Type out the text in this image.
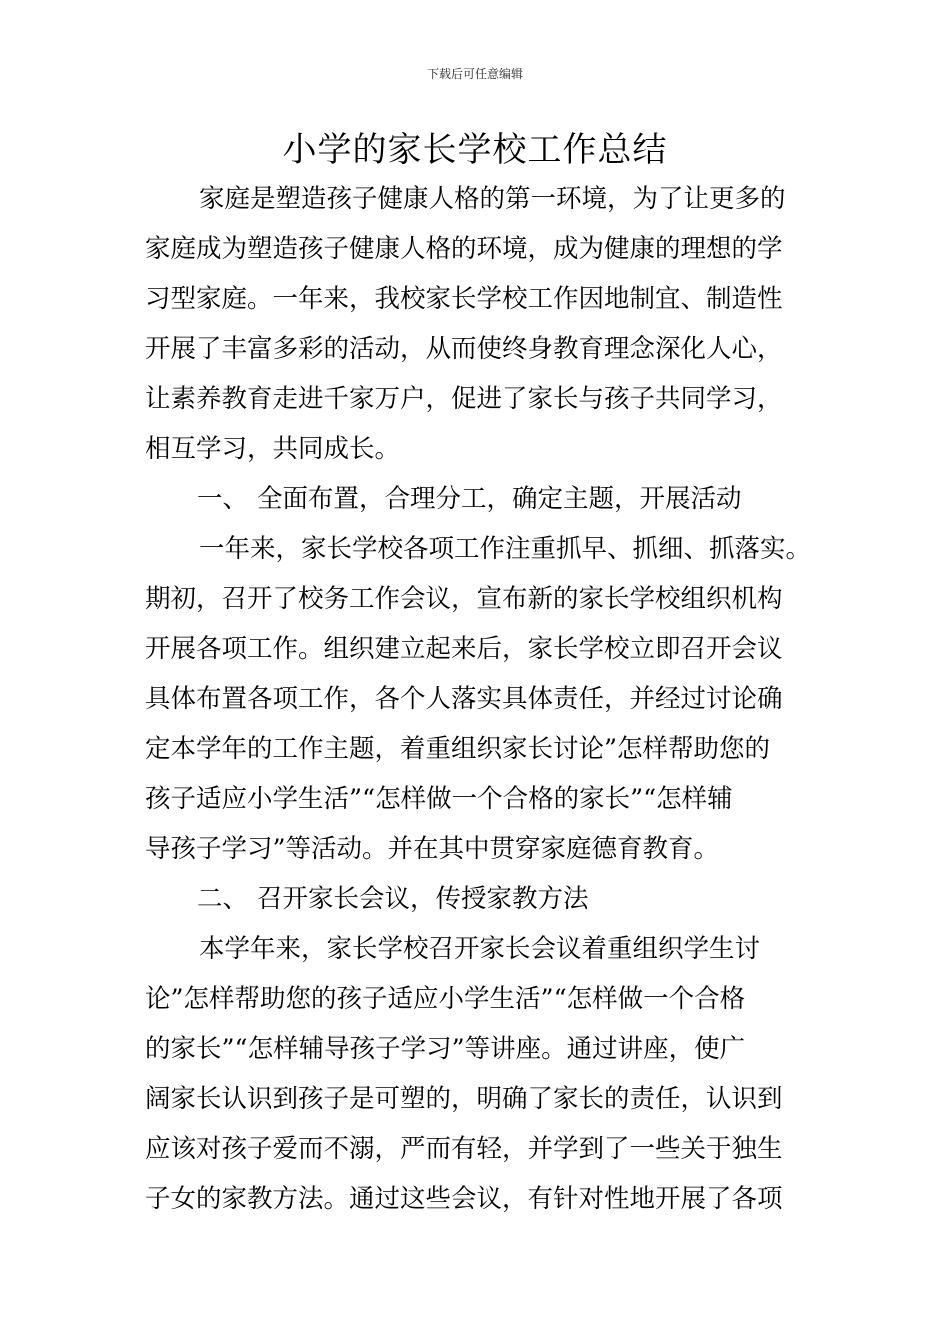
下载后可任意编辑
小学的家长学校工作总结
家庭是塑造孩子健康人格的第一环境，为了让更多的
家庭成为塑造孩子健康人格的环境，成为健康的理想的学
习型家庭。一年来，我校家长学校工作因地制宜、制造性
开展了丰富多彩的活动，从而使终身教育理念深化人心，
让素养教育走进千家万户，促进了家长与孩子共同学习，
相互学习，共同成长。
一、 全面布置，合理分工，确定主题，开展活动
一年来，家长学校各项工作注重抓早、抓细、抓落实。
期初，召开了校务工作会议，宣布新的家长学校组织机构
开展各项工作。组织建立起来后，家长学校立即召开会议
具体布置各项工作，各个人落实具体责任，并经过讨论确
定本学年的工作主题，着重组织家长讨论”怎样帮助您的
孩子适应小学生活”“怎样做一个合格的家长”“怎样辅
导孩子学习”等活动。并在其中贯穿家庭德育教育。
二、 召开家长会议，传授家教方法
本学年来，家长学校召开家长会议着重组织学生讨
论”怎样帮助您的孩子适应小学生活”“怎样做一个合格
的家长”“怎样辅导孩子学习”等讲座。通过讲座，使广
阔家长认识到孩子是可塑的，明确了家长的责任，认识到
应该对孩子爱而不溺，严而有轻，并学到了一些关于独生
子女的家教方法。通过这些会议，有针对性地开展了各项
